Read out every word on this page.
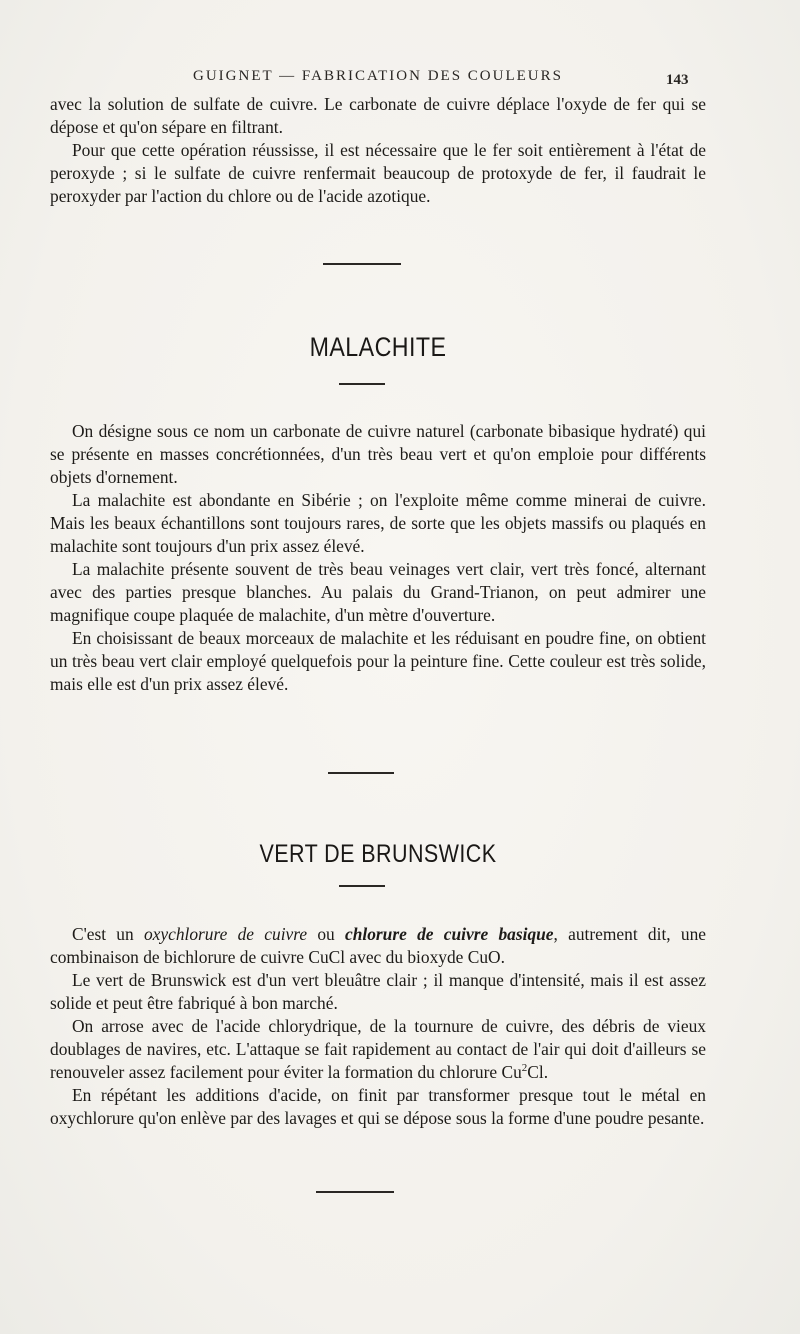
GUIGNET — FABRICATION DES COULEURS	143

avec la solution de sulfate de cuivre. Le carbonate de cuivre déplace l'oxyde de fer qui se dépose et qu'on sépare en filtrant.

Pour que cette opération réussisse, il est nécessaire que le fer soit entièrement à l'état de peroxyde ; si le sulfate de cuivre renfermait beaucoup de protoxyde de fer, il faudrait le peroxyder par l'action du chlore ou de l'acide azotique.

MALACHITE

On désigne sous ce nom un carbonate de cuivre naturel (carbonate bibasique hydraté) qui se présente en masses concrétionnées, d'un très beau vert et qu'on emploie pour différents objets d'ornement.

La malachite est abondante en Sibérie ; on l'exploite même comme minerai de cuivre. Mais les beaux échantillons sont toujours rares, de sorte que les objets massifs ou plaqués en malachite sont toujours d'un prix assez élevé.

La malachite présente souvent de très beau veinages vert clair, vert très foncé, alternant avec des parties presque blanches. Au palais du Grand-Trianon, on peut admirer une magnifique coupe plaquée de malachite, d'un mètre d'ouverture.

En choisissant de beaux morceaux de malachite et les réduisant en poudre fine, on obtient un très beau vert clair employé quelquefois pour la peinture fine. Cette couleur est très solide, mais elle est d'un prix assez élevé.

VERT DE BRUNSWICK

C'est un oxychlorure de cuivre ou chlorure de cuivre basique, autrement dit, une combinaison de bichlorure de cuivre CuCl avec du bioxyde CuO.

Le vert de Brunswick est d'un vert bleuâtre clair ; il manque d'intensité, mais il est assez solide et peut être fabriqué à bon marché.

On arrose avec de l'acide chlorydrique, de la tournure de cuivre, des débris de vieux doublages de navires, etc. L'attaque se fait rapidement au contact de l'air qui doit d'ailleurs se renouveler assez facilement pour éviter la formation du chlorure Cu$^2$Cl.

En répétant les additions d'acide, on finit par transformer presque tout le métal en oxychlorure qu'on enlève par des lavages et qui se dépose sous la forme d'une poudre pesante.
